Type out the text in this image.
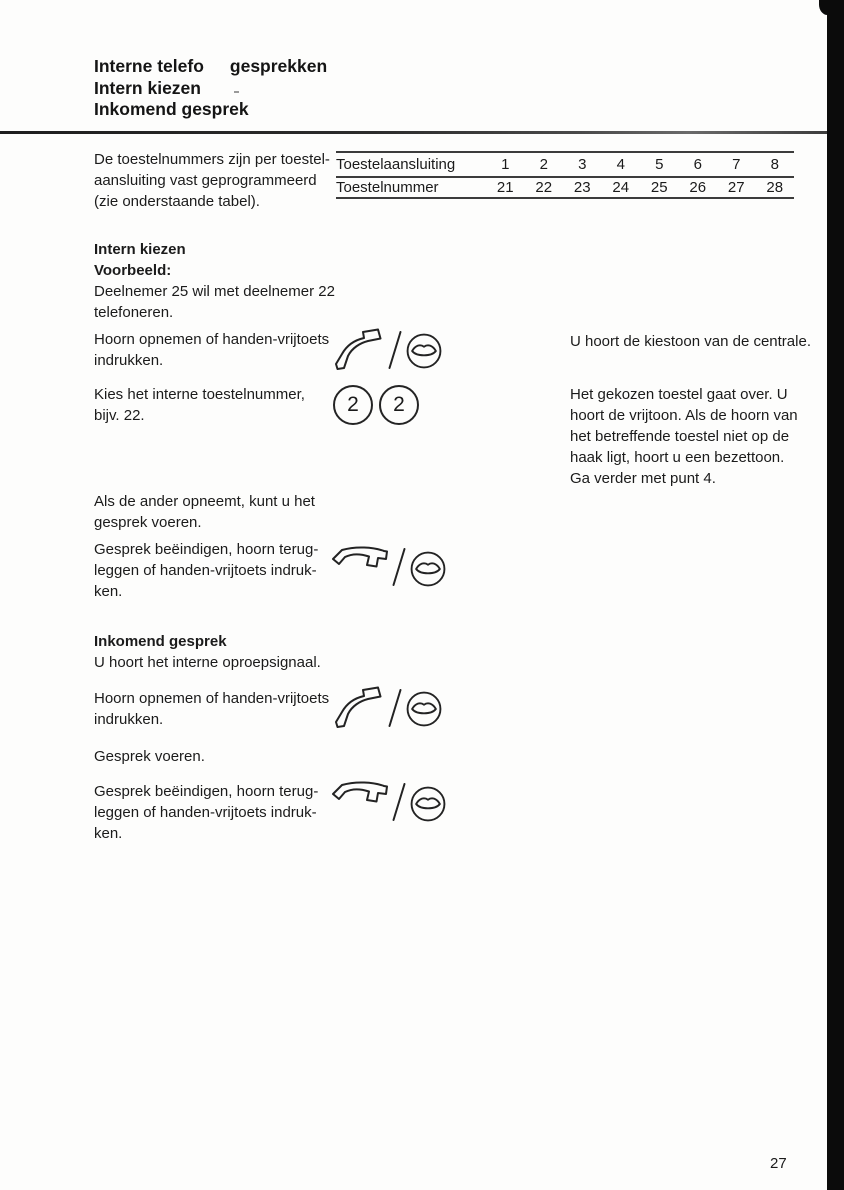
Interne telefo gesprekken
Intern kiezen
Inkomend gesprek
De toestelnummers zijn per toestel-
aansluiting vast geprogrammeerd
(zie onderstaande tabel).
Toestelaansluiting	1	2	3	4	5	6	7	8
Toestelnummer	21	22	23	24	25	26	27	28
Intern kiezen
Voorbeeld:
Deelnemer 25 wil met deelnemer 22
telefoneren.
Hoorn opnemen of handen-vrijtoets
indrukken.
U hoort de kiestoon van de centrale.
Kies het interne toestelnummer,
bijv. 22.	2	2	Het gekozen toestel gaat over. U
hoort de vrijtoon. Als de hoorn van
het betreffende toestel niet op de
haak ligt, hoort u een bezettoon.
Ga verder met punt 4.
Als de ander opneemt, kunt u het
gesprek voeren.
Gesprek beëindigen, hoorn terug-
leggen of handen-vrijtoets indruk-
ken.
Inkomend gesprek
U hoort het interne oproepsignaal.
Hoorn opnemen of handen-vrijtoets
indrukken.
Gesprek voeren.
Gesprek beëindigen, hoorn terug-
leggen of handen-vrijtoets indruk-
ken.
27
